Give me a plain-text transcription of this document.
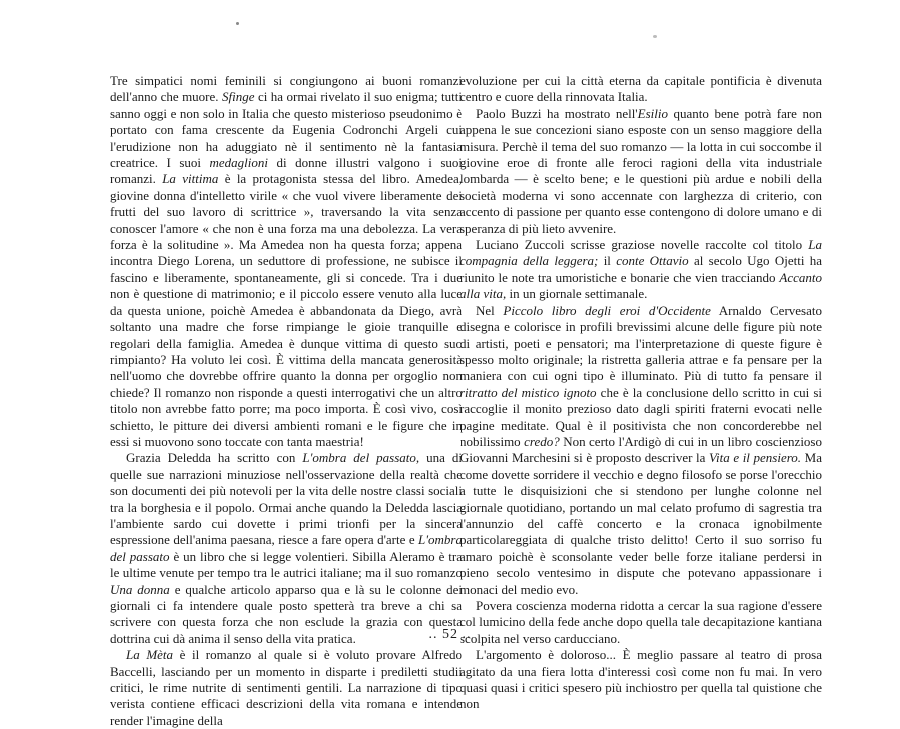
Tre simpatici nomi feminili si congiungono ai buoni romanzi dell'anno che muore. Sfinge ci ha ormai rivelato il suo enigma; tutti sanno oggi e non solo in Italia che questo misterioso pseudonimo è portato con fama crescente da Eugenia Codronchi Argeli cui l'erudizione non ha aduggiato nè il sentimento nè la fantasia creatrice. I suoi medaglioni di donne illustri valgono i suoi romanzi. La vittima è la protagonista stessa del libro. Amedea, giovine donna d'intelletto virile « che vuol vivere liberamente dei frutti del suo lavoro di scrittrice », traversando la vita senza conoscer l'amore « che non è una forza ma una debolezza. La vera forza è la solitudine ». Ma Amedea non ha questa forza; appena incontra Diego Lorena, un seduttore di professione, ne subisce il fascino e liberamente, spontaneamente, gli si concede. Tra i due non è questione di matrimonio; e il piccolo essere venuto alla luce da questa unione, poichè Amedea è abbandonata da Diego, avrà soltanto una madre che forse rimpiange le gioie tranquille e regolari della famiglia. Amedea è dunque vittima di questo suo rimpianto? Ha voluto lei così. È vittima della mancata generosità nell'uomo che dovrebbe offrire quanto la donna per orgoglio non chiede? Il romanzo non risponde a questi interrogativi che un altro titolo non avrebbe fatto porre; ma poco importa. È così vivo, così schietto, le pitture dei diversi ambienti romani e le figure che in essi si muovono sono toccate con tanta maestria!

Grazia Deledda ha scritto con L'ombra del passato, una di quelle sue narrazioni minuziose nell'osservazione della realtà che son documenti dei più notevoli per la vita delle nostre classi sociali tra la borghesia e il popolo. Ormai anche quando la Deledda lascia l'ambiente sardo cui dovette i primi trionfi per la sincera espressione dell'anima paesana, riesce a fare opera d'arte e L'ombra del passato è un libro che si legge volentieri. Sibilla Aleramo è tra le ultime venute per tempo tra le autrici italiane; ma il suo romanzo Una donna e qualche articolo apparso qua e là su le colonne dei giornali ci fa intendere quale posto spetterà tra breve a chi sa scrivere con questa forza che non esclude la grazia con questa dottrina cui dà anima il senso della vita pratica.

La Mèta è il romanzo al quale si è voluto provare Alfredo Baccelli, lasciando per un momento in disparte i prediletti studii critici, le rime nutrite di sentimenti gentili. La narrazione di tipo verista contiene efficaci descrizioni della vita romana e intende render l'imagine della

evoluzione per cui la città eterna da capitale pontificia è divenuta centro e cuore della rinnovata Italia.

Paolo Buzzi ha mostrato nell'Esilio quanto bene potrà fare non appena le sue concezioni siano esposte con un senso maggiore della misura. Perchè il tema del suo romanzo — la lotta in cui soccombe il giovine eroe di fronte alle feroci ragioni della vita industriale lombarda — è scelto bene; e le questioni più ardue e nobili della società moderna vi sono accennate con larghezza di criterio, con accento di passione per quanto esse contengono di dolore umano e di speranza di più lieto avvenire.

Luciano Zuccoli scrisse graziose novelle raccolte col titolo La compagnia della leggera; il conte Ottavio al secolo Ugo Ojetti ha riunito le note tra umoristiche e bonarie che vien tracciando Accanto alla vita, in un giornale settimanale.

Nel Piccolo libro degli eroi d'Occidente Arnaldo Cervesato disegna e colorisce in profili brevissimi alcune delle figure più note di artisti, poeti e pensatori; ma l'interpretazione di queste figure è spesso molto originale; la ristretta galleria attrae e fa pensare per la maniera con cui ogni tipo è illuminato. Più di tutto fa pensare il ritratto del mistico ignoto che è la conclusione dello scritto in cui si raccoglie il monito prezioso dato dagli spiriti fraterni evocati nelle pagine meditate. Qual è il positivista che non concorderebbe nel nobilissimo credo? Non certo l'Ardigò di cui in un libro coscienzioso Giovanni Marchesini si è proposto descriver la Vita e il pensiero. Ma come dovette sorridere il vecchio e degno filosofo se porse l'orecchio a tutte le disquisizioni che si stendono per lunghe colonne nel giornale quotidiano, portando un mal celato profumo di sagrestia tra l'annunzio del caffè concerto e la cronaca ignobilmente particolareggiata di qualche tristo delitto! Certo il suo sorriso fu amaro poichè è sconsolante veder belle forze italiane perdersi in pieno secolo ventesimo in dispute che potevano appassionare i monaci del medio evo.

Povera coscienza moderna ridotta a cercar la sua ragione d'essere col lumicino della fede anche dopo quella tale decapitazione kantiana scolpita nel verso carducciano.

L'argomento è doloroso... È meglio passare al teatro di prosa agitato da una fiera lotta d'interessi così come non fu mai. In vero quasi quasi i critici spesero più inchiostro per quella tal quistione che non

.. 52 ..
